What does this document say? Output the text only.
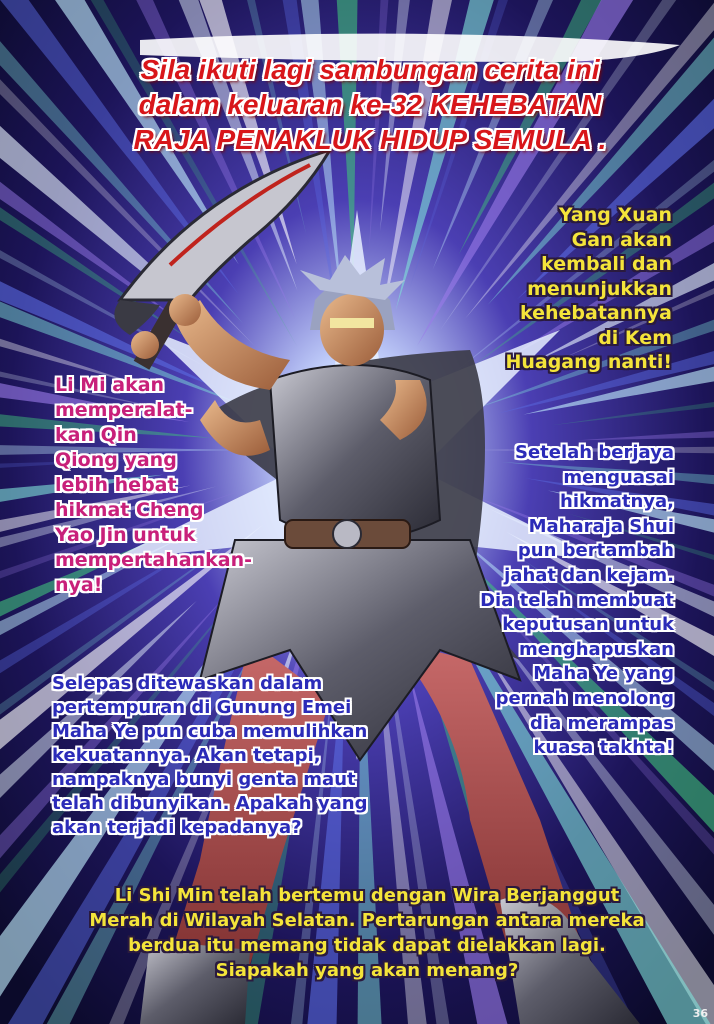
Sila ikuti lagi sambungan cerita ini
dalam keluaran ke-32 KEHEBATAN
RAJA PENAKLUK HIDUP SEMULA .

Yang Xuan
Gan akan
kembali dan
menunjukkan
kehebatannya
di Kem
Huagang nanti!

Li Mi akan
memperalat-
kan Qin
Qiong yang
lebih hebat
hikmat Cheng
Yao Jin untuk
mempertahankan-
nya!

Setelah berjaya
menguasai
hikmatnya,
Maharaja Shui
pun bertambah
jahat dan kejam.
Dia telah membuat
keputusan untuk
menghapuskan
Maha Ye yang
pernah menolong
dia merampas
kuasa takhta!

Selepas ditewaskan dalam
pertempuran di Gunung Emei
Maha Ye pun cuba memulihkan
kekuatannya. Akan tetapi,
nampaknya bunyi genta maut
telah dibunyikan. Apakah yang
akan terjadi kepadanya?

Li Shi Min telah bertemu dengan Wira Berjanggut
Merah di Wilayah Selatan. Pertarungan antara mereka
berdua itu memang tidak dapat dielakkan lagi.
Siapakah yang akan menang?

36
